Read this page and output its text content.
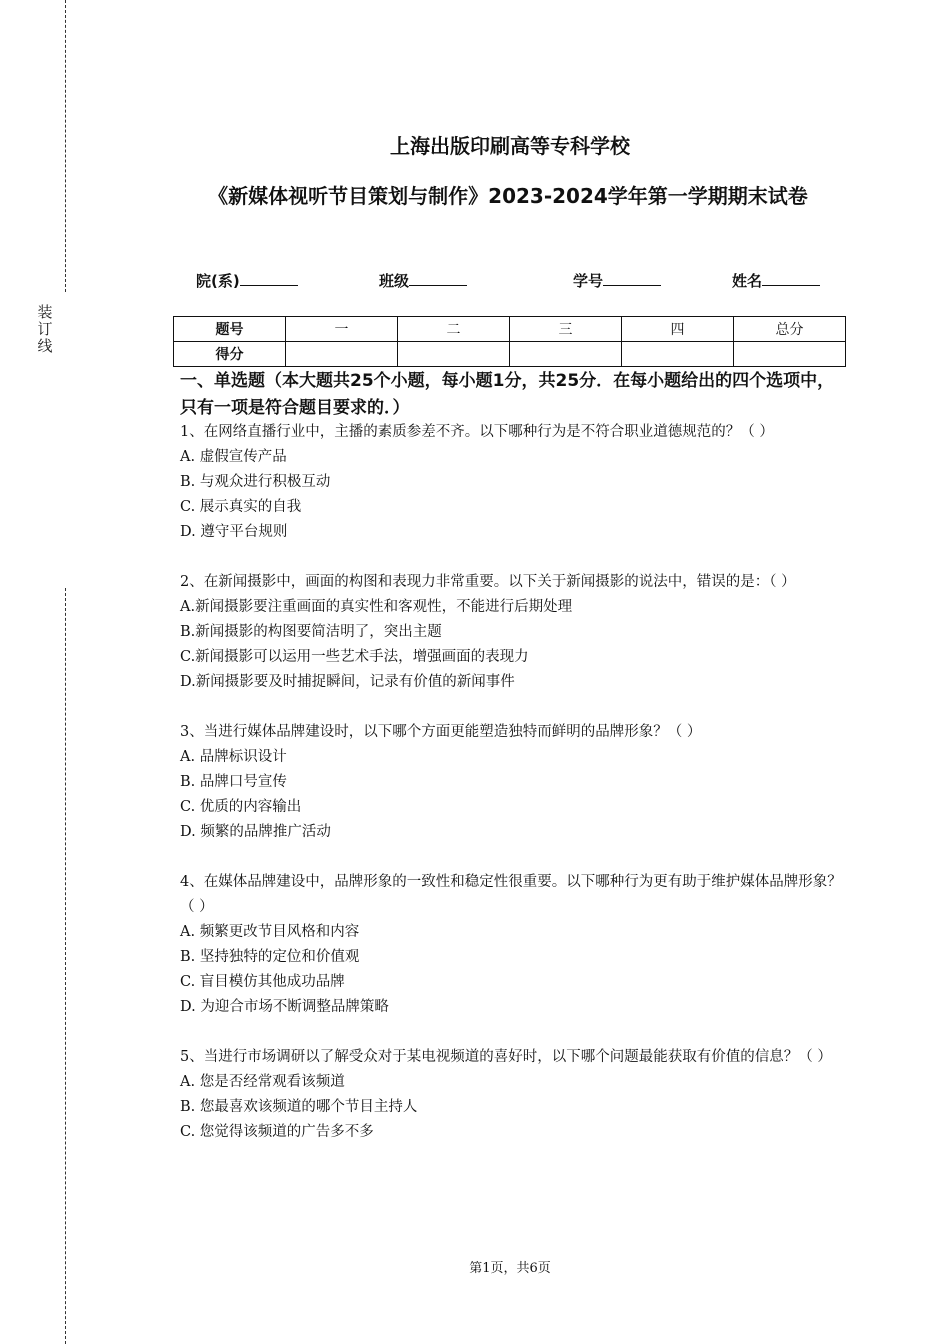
装
订
线
上海出版印刷高等专科学校
《新媒体视听节目策划与制作》2023-2024学年第一学期期末试卷
院(系)	班级	学号	姓名
题号	一	二	三	四	总分
得分					
一、单选题（本大题共25个小题，每小题1分，共25分．在每小题给出的四个选项中，只有一项是符合题目要求的．）

1、在网络直播行业中，主播的素质参差不齐。以下哪种行为是不符合职业道德规范的？（ ）

A. 虚假宣传产品

B. 与观众进行积极互动

C. 展示真实的自我

D. 遵守平台规则

2、在新闻摄影中，画面的构图和表现力非常重要。以下关于新闻摄影的说法中，错误的是：（ ）

A.新闻摄影要注重画面的真实性和客观性，不能进行后期处理

B.新闻摄影的构图要简洁明了，突出主题

C.新闻摄影可以运用一些艺术手法，增强画面的表现力

D.新闻摄影要及时捕捉瞬间，记录有价值的新闻事件

3、当进行媒体品牌建设时，以下哪个方面更能塑造独特而鲜明的品牌形象？（ ）

A. 品牌标识设计

B. 品牌口号宣传

C. 优质的内容输出

D. 频繁的品牌推广活动

4、在媒体品牌建设中，品牌形象的一致性和稳定性很重要。以下哪种行为更有助于维护媒体品牌形象？（ ）

A. 频繁更改节目风格和内容

B. 坚持独特的定位和价值观

C. 盲目模仿其他成功品牌

D. 为迎合市场不断调整品牌策略

5、当进行市场调研以了解受众对于某电视频道的喜好时，以下哪个问题最能获取有价值的信息？（ ）

A. 您是否经常观看该频道

B. 您最喜欢该频道的哪个节目主持人

C. 您觉得该频道的广告多不多

第1页，共6页
